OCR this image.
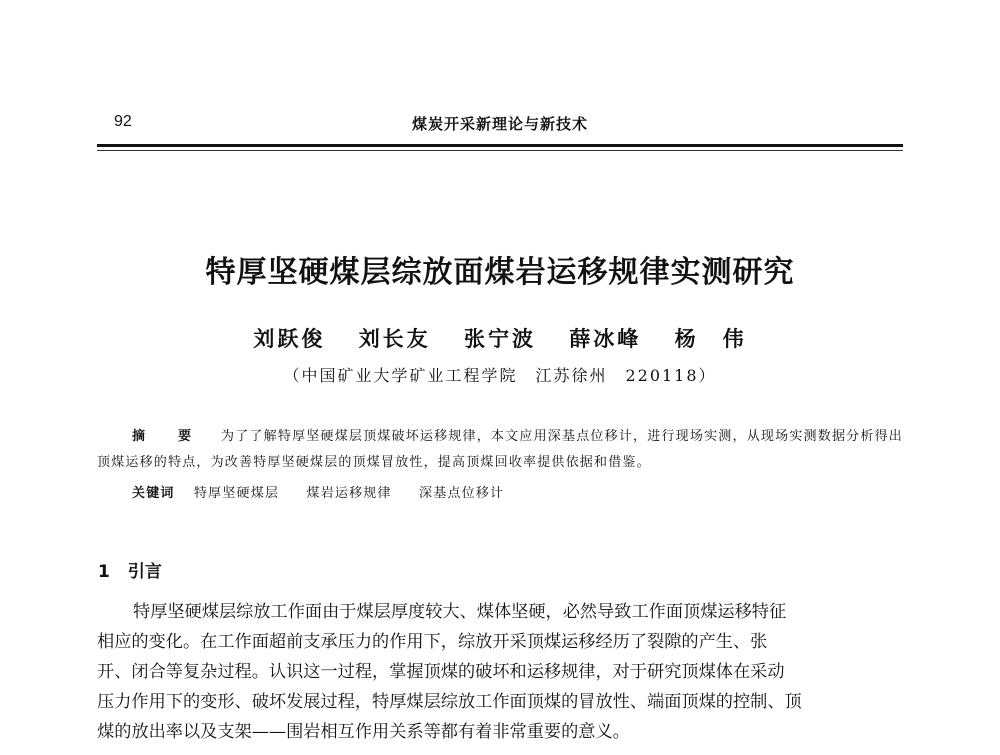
92	煤炭开采新理论与新技术
特厚坚硬煤层综放面煤岩运移规律实测研究
刘跃俊 刘长友 张宁波 薛冰峰 杨　伟
（中国矿业大学矿业工程学院　江苏徐州　220118）
摘　要 为了了解特厚坚硬煤层顶煤破坏运移规律，本文应用深基点位移计，进行现场实测，从现场实测数据分析得出顶煤运移的特点，为改善特厚坚硬煤层的顶煤冒放性，提高顶煤回收率提供依据和借鉴。
关键词 特厚坚硬煤层 煤岩运移规律 深基点位移计
1 引言
特厚坚硬煤层综放工作面由于煤层厚度较大、煤体坚硬，必然导致工作面顶煤运移特征
相应的变化。在工作面超前支承压力的作用下，综放开采顶煤运移经历了裂隙的产生、张
开、闭合等复杂过程。认识这一过程，掌握顶煤的破坏和运移规律，对于研究顶煤体在采动
压力作用下的变形、破坏发展过程，特厚煤层综放工作面顶煤的冒放性、端面顶煤的控制、顶
煤的放出率以及支架——围岩相互作用关系等都有着非常重要的意义。
